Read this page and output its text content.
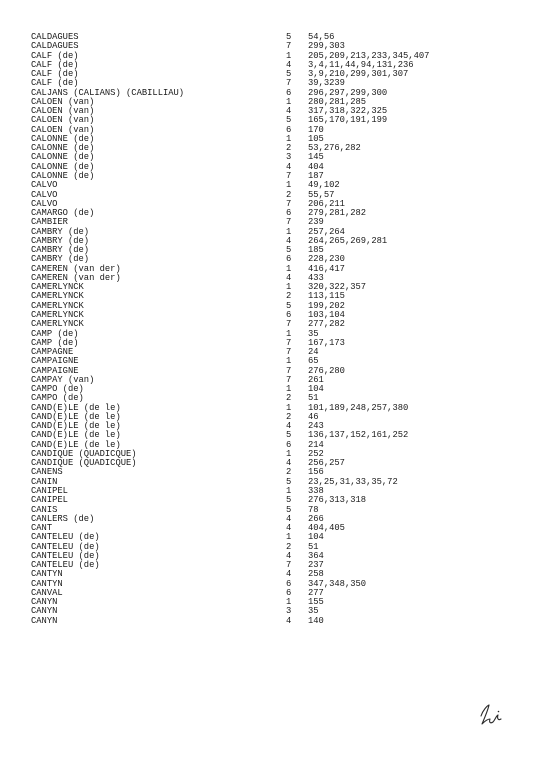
CALDAGUES	5 54,56
CALDAGUES	7 299,303
CALF (de)	1 205,209,213,233,345,407
CALF (de)	4 3,4,11,44,94,131,236
CALF (de)	5 3,9,210,299,301,307
CALF (de)	7 39,3239
CALJANS (CALIANS) (CABILLIAU)	6 296,297,299,300
CALOEN (van)	1 280,281,285
CALOEN (van)	4 317,318,322,325
CALOEN (van)	5 165,170,191,199
CALOEN (van)	6 170
CALONNE (de)	1 105
CALONNE (de)	2 53,276,282
CALONNE (de)	3 145
CALONNE (de)	4 404
CALONNE (de)	7 187
CALVO	1 49,102
CALVO	2 55,57
CALVO	7 206,211
CAMARGO (de)	6 279,281,282
CAMBIER	7 239
CAMBRY (de)	1 257,264
CAMBRY (de)	4 264,265,269,281
CAMBRY (de)	5 185
CAMBRY (de)	6 228,230
CAMEREN (van der)	1 416,417
CAMEREN (van der)	4 433
CAMERLYNCK	1 320,322,357
CAMERLYNCK	2 113,115
CAMERLYNCK	5 199,202
CAMERLYNCK	6 103,104
CAMERLYNCK	7 277,282
CAMP (de)	1 35
CAMP (de)	7 167,173
CAMPAGNE	7 24
CAMPAIGNE	1 65
CAMPAIGNE	7 276,280
CAMPAY (van)	7 261
CAMPO (de)	1 104
CAMPO (de)	2 51
CAND(E)LE (de le)	1 101,189,248,257,380
CAND(E)LE (de le)	2 46
CAND(E)LE (de le)	4 243
CAND(E)LE (de le)	5 136,137,152,161,252
CAND(E)LE (de le)	6 214
CANDIQUE (QUADICQUE)	1 252
CANDIQUE (QUADICQUE)	4 256,257
CANENS	2 156
CANIN	5 23,25,31,33,35,72
CANIPEL	1 338
CANIPEL	5 276,313,318
CANIS	5 78
CANLERS (de)	4 266
CANT	4 404,405
CANTELEU (de)	1 104
CANTELEU (de)	2 51
CANTELEU (de)	4 364
CANTELEU (de)	7 237
CANTYN	4 258
CANTYN	6 347,348,350
CANVAL	6 277
CANYN	1 155
CANYN	3 35
CANYN	4 140
